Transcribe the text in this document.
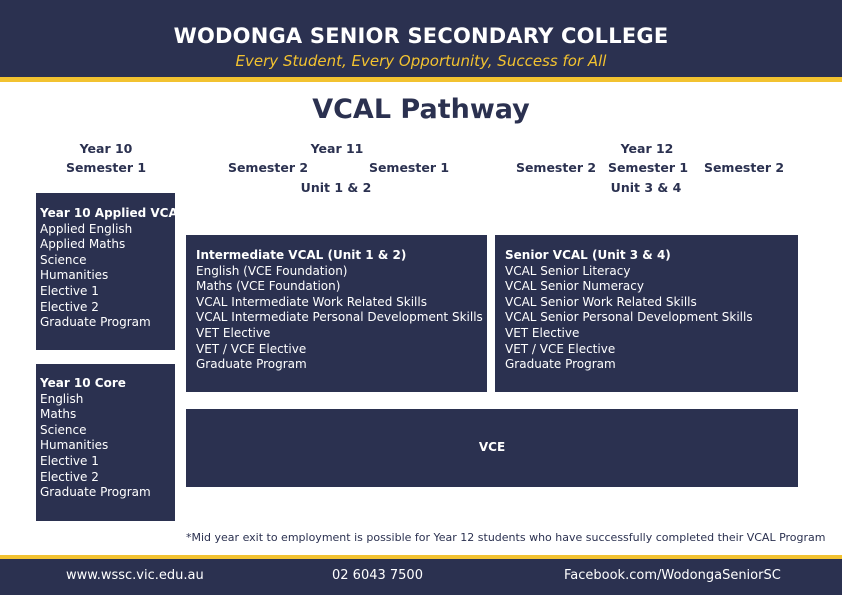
WODONGA SENIOR SECONDARY COLLEGE
Every Student, Every Opportunity, Success for All
VCAL Pathway
Year 10
Semester 1
Year 11
Semester 2	Semester 1
Unit 1 & 2
Semester 2
Year 12
Semester 1
Unit 3 & 4
Semester 2
Year 10 Applied VCAL
Applied English
Applied Maths
Science
Humanities
Elective 1
Elective 2
Graduate Program
Year 10 Core
English
Maths
Science
Humanities
Elective 1
Elective 2
Graduate Program
Intermediate VCAL (Unit 1 & 2)
English (VCE Foundation)
Maths (VCE Foundation)
VCAL Intermediate Work Related Skills
VCAL Intermediate Personal Development Skills
VET Elective
VET / VCE Elective
Graduate Program
Senior VCAL (Unit 3 & 4)
VCAL Senior Literacy
VCAL Senior Numeracy
VCAL Senior Work Related Skills
VCAL Senior Personal Development Skills
VET Elective
VET / VCE Elective
Graduate Program
VCE
*Mid year exit to employment is possible for Year 12 students who have successfully completed their VCAL Program
www.wssc.vic.edu.au	02 6043 7500	Facebook.com/WodongaSeniorSC
